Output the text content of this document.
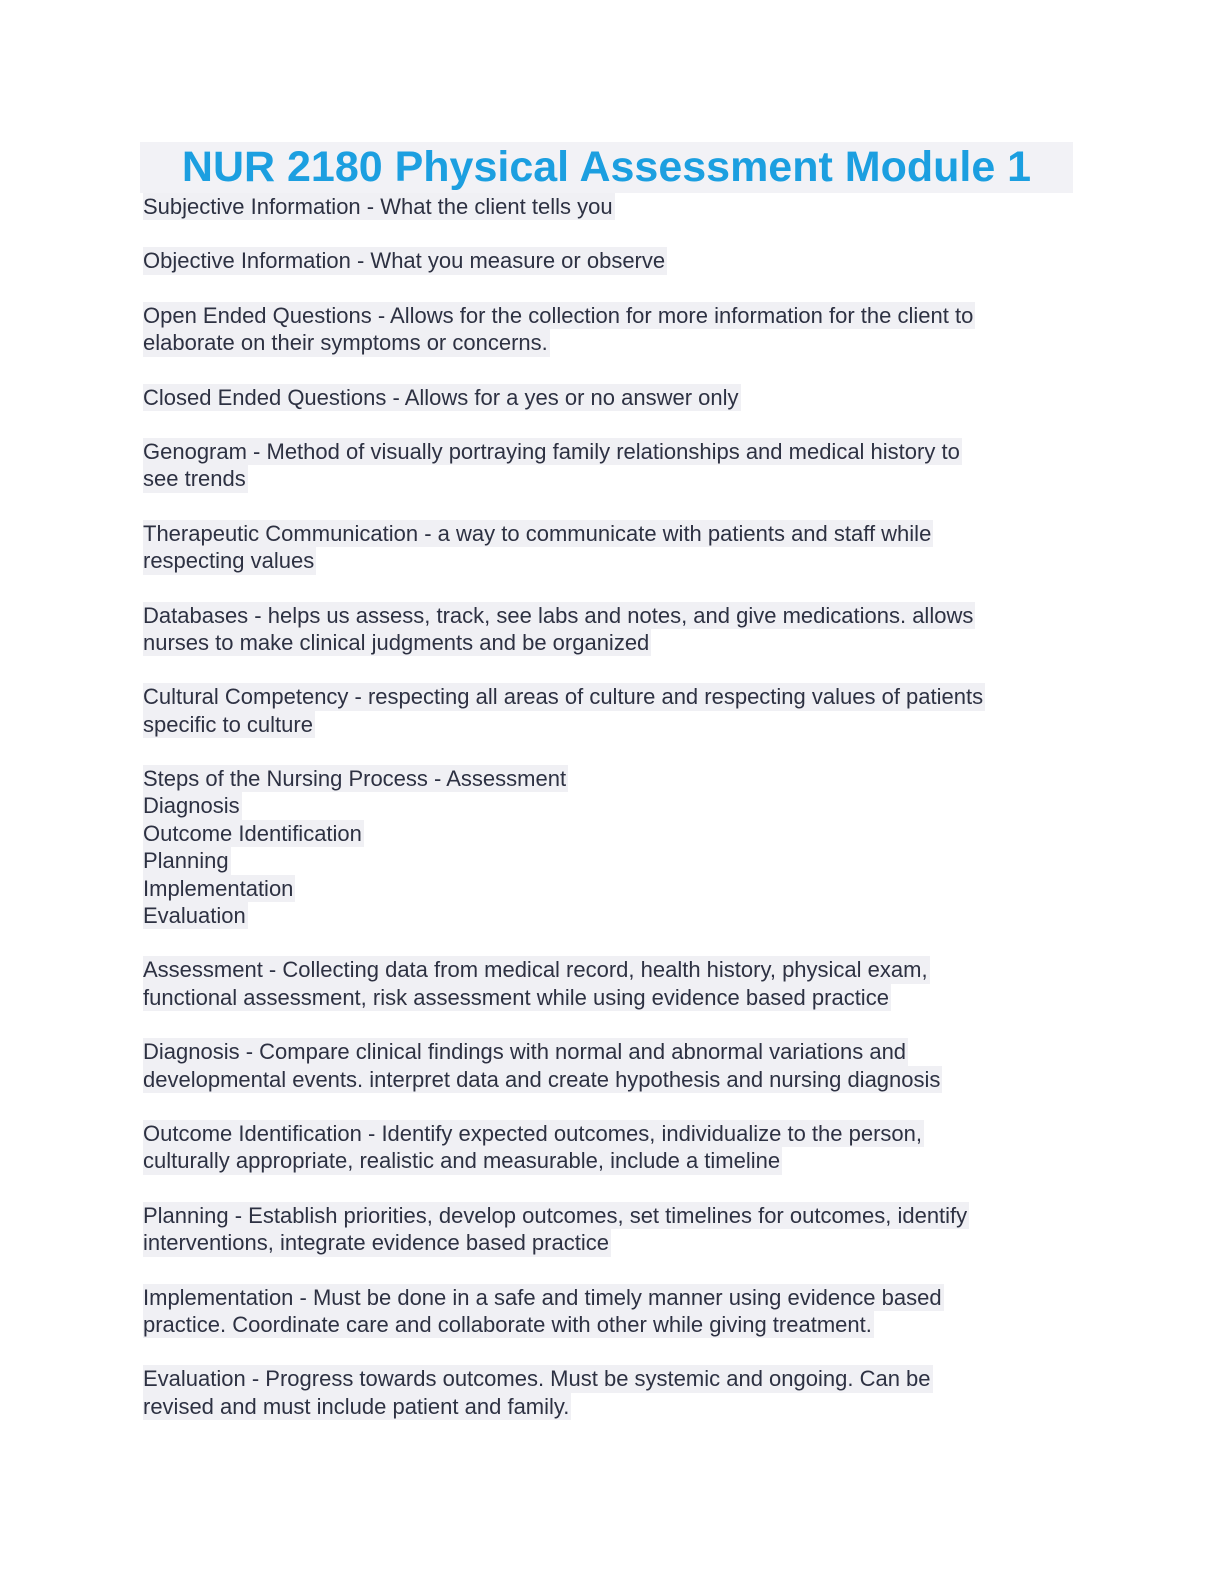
NUR 2180 Physical Assessment Module 1
Subjective Information - What the client tells you
Objective Information - What you measure or observe
Open Ended Questions - Allows for the collection for more information for the client to
elaborate on their symptoms or concerns.
Closed Ended Questions - Allows for a yes or no answer only
Genogram - Method of visually portraying family relationships and medical history to
see trends
Therapeutic Communication - a way to communicate with patients and staff while
respecting values
Databases - helps us assess, track, see labs and notes, and give medications. allows
nurses to make clinical judgments and be organized
Cultural Competency - respecting all areas of culture and respecting values of patients
specific to culture
Steps of the Nursing Process - Assessment
Diagnosis
Outcome Identification
Planning
Implementation
Evaluation
Assessment - Collecting data from medical record, health history, physical exam,
functional assessment, risk assessment while using evidence based practice
Diagnosis - Compare clinical findings with normal and abnormal variations and
developmental events. interpret data and create hypothesis and nursing diagnosis
Outcome Identification - Identify expected outcomes, individualize to the person,
culturally appropriate, realistic and measurable, include a timeline
Planning - Establish priorities, develop outcomes, set timelines for outcomes, identify
interventions, integrate evidence based practice
Implementation - Must be done in a safe and timely manner using evidence based
practice. Coordinate care and collaborate with other while giving treatment.
Evaluation - Progress towards outcomes. Must be systemic and ongoing. Can be
revised and must include patient and family.
